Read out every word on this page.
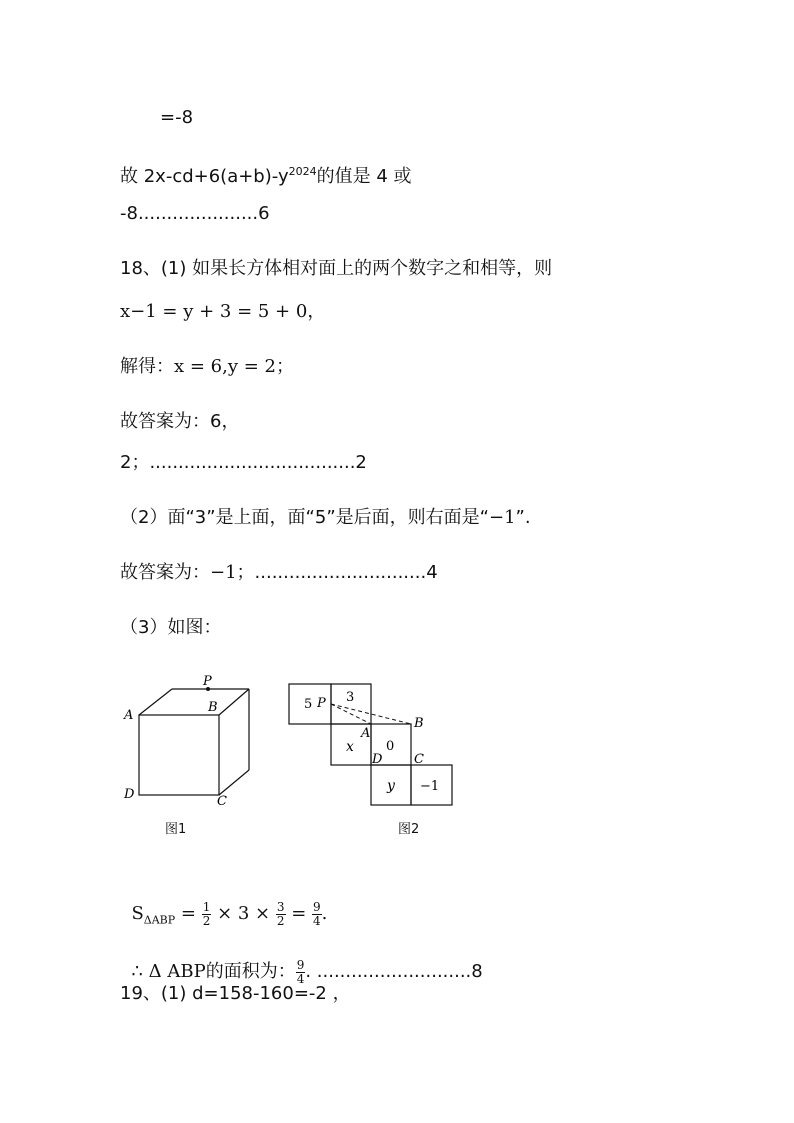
=-8
故 $2x-cd+6(a+b)-y^{2024}$的值是 4 或
-8.....................6
18、(1) 如果长方体相对面上的两个数字之和相等，则
x−1 = y + 3 = 5 + 0，
解得：x = 6,y = 2；
故答案为：6，
2；....................................2
（2）面“3”是上面，面“5”是后面，则右面是“−1”.
故答案为：−1；..............................4
（3）如图：
P
A
B
D	C
图1
5 P 3
A
B
x 0
D C
y −1
图2

$S_{\Delta ABP} = \frac{1}{2} \times 3 \times \frac{3}{2} = \frac{9}{4}$ .

∴ Δ ABP的面积为： $\frac{9}{4}$ . ...........................8

19、(1) d=158-160=-2 ，
